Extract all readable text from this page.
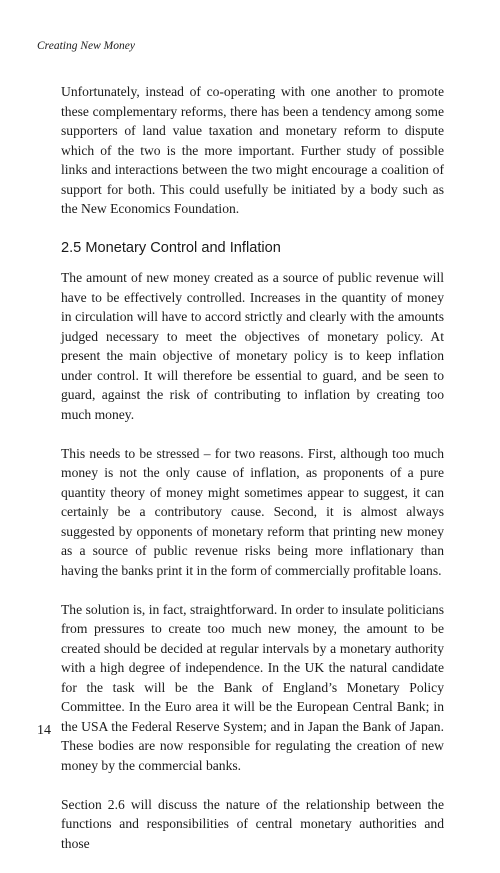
Creating New Money

Unfortunately, instead of co-operating with one another to promote these complementary reforms, there has been a tendency among some supporters of land value taxation and monetary reform to dispute which of the two is the more important. Further study of possible links and interactions between the two might encourage a coalition of support for both. This could usefully be initiated by a body such as the New Economics Foundation.

2.5 Monetary Control and Inflation

The amount of new money created as a source of public revenue will have to be effectively controlled. Increases in the quantity of money in circulation will have to accord strictly and clearly with the amounts judged necessary to meet the objectives of monetary policy. At present the main objective of monetary policy is to keep inflation under control. It will therefore be essential to guard, and be seen to guard, against the risk of contributing to inflation by creating too much money.

This needs to be stressed – for two reasons. First, although too much money is not the only cause of inflation, as proponents of a pure quantity theory of money might sometimes appear to suggest, it can certainly be a contributory cause. Second, it is almost always suggested by opponents of monetary reform that printing new money as a source of public revenue risks being more inflationary than having the banks print it in the form of commercially profitable loans.

The solution is, in fact, straightforward. In order to insulate politicians from pressures to create too much new money, the amount to be created should be decided at regular intervals by a monetary authority with a high degree of independence. In the UK the natural candidate for the task will be the Bank of England’s Monetary Policy Committee. In the Euro area it will be the European Central Bank; in the USA the Federal Reserve System; and in Japan the Bank of Japan. These bodies are now responsible for regulating the creation of new money by the commercial banks.

Section 2.6 will discuss the nature of the relationship between the functions and responsibilities of central monetary authorities and those

14
